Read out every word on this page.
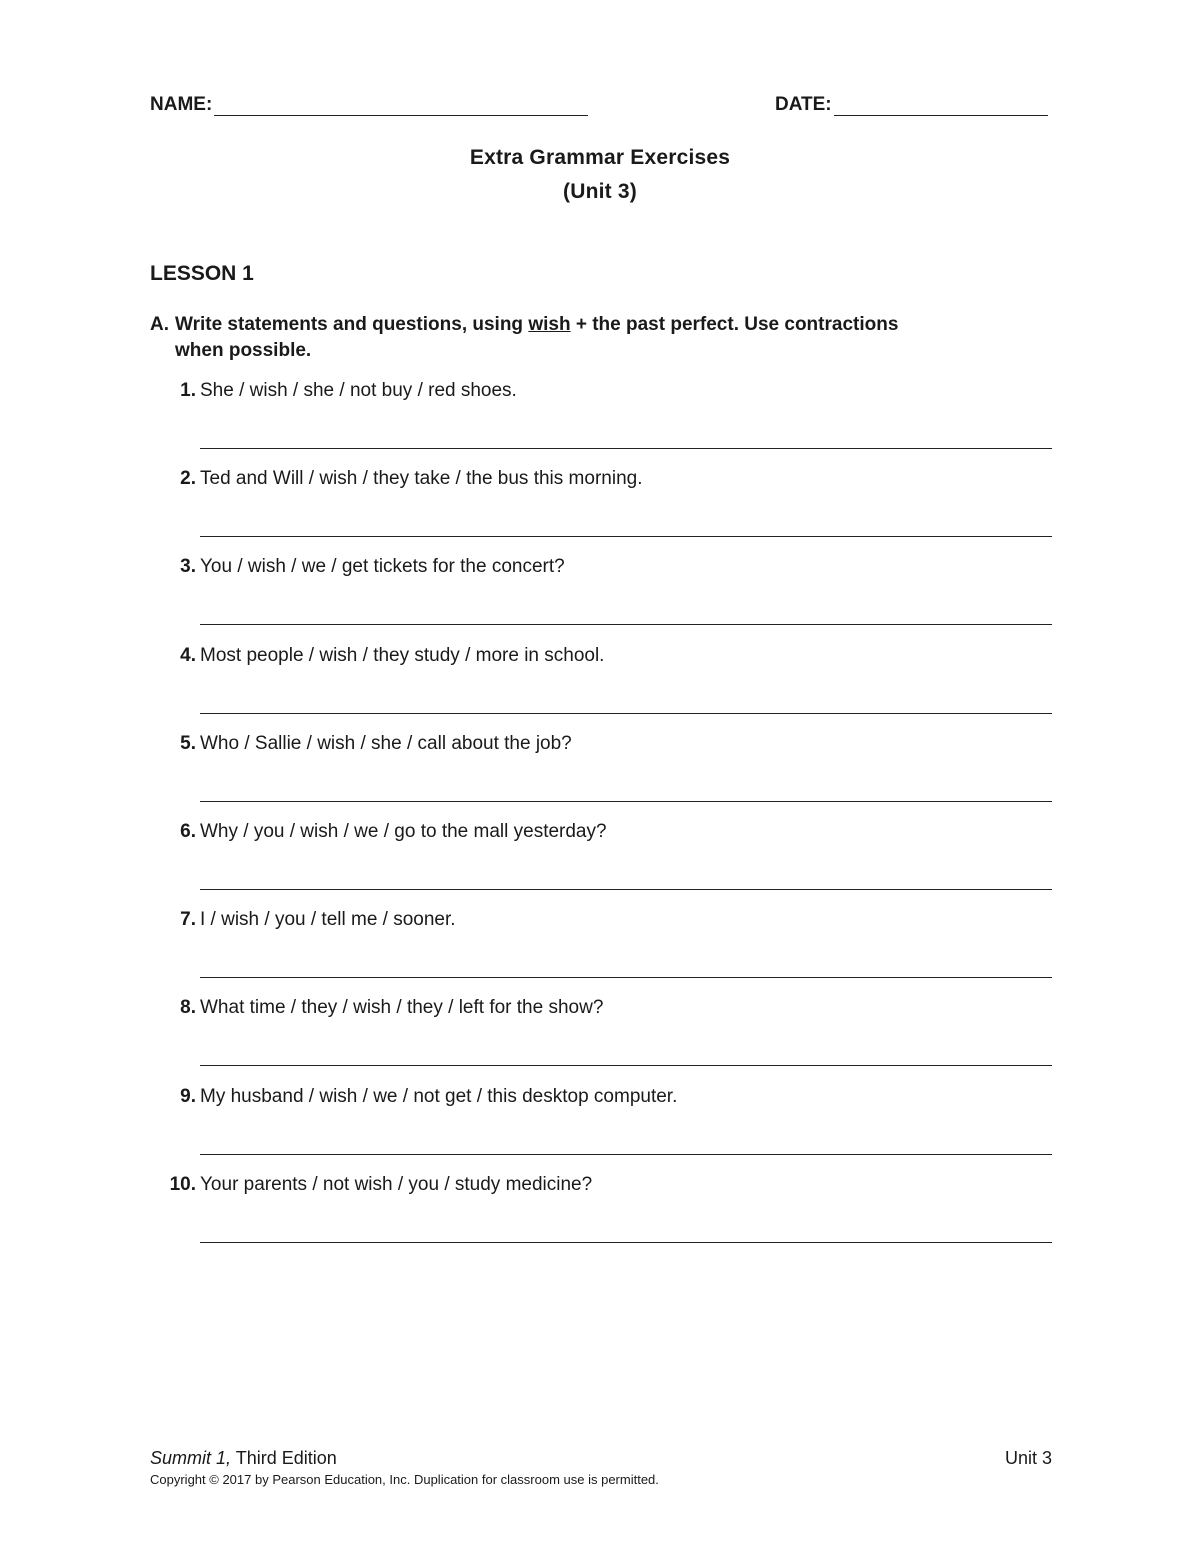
NAME:	DATE:
Extra Grammar Exercises
(Unit 3)
LESSON 1
A. Write statements and questions, using wish + the past perfect. Use contractions
when possible.
1. She / wish / she / not buy / red shoes.
2. Ted and Will / wish / they take / the bus this morning.
3. You / wish / we / get tickets for the concert?
4. Most people / wish / they study / more in school.
5. Who / Sallie / wish / she / call about the job?
6. Why / you / wish / we / go to the mall yesterday?
7. I / wish / you / tell me / sooner.
8. What time / they / wish / they / left for the show?
9. My husband / wish / we / not get / this desktop computer.
10. Your parents / not wish / you / study medicine?
Summit 1, Third Edition	Unit 3
Copyright © 2017 by Pearson Education, Inc. Duplication for classroom use is permitted.
